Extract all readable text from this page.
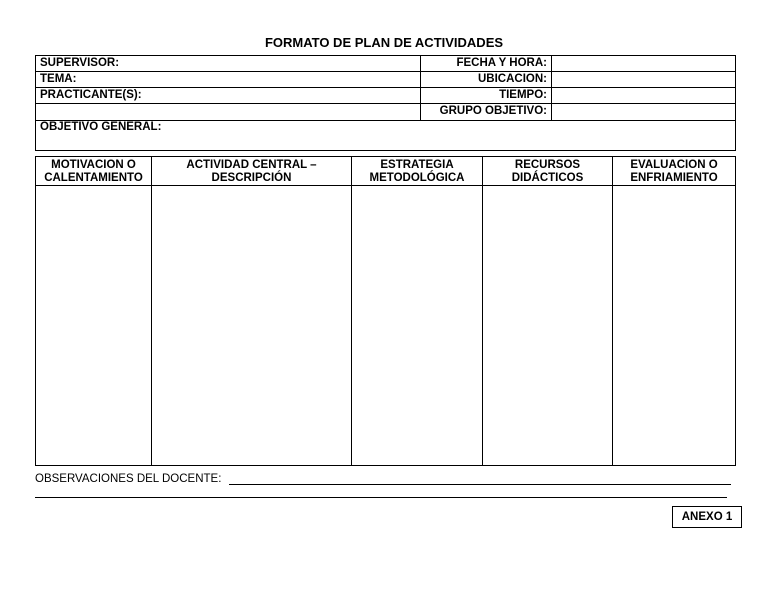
FORMATO DE PLAN DE ACTIVIDADES
SUPERVISOR:
TEMA:
PRACTICANTE(S):
FECHA Y HORA:
UBICACION:
TIEMPO:
GRUPO OBJETIVO:
OBJETIVO GENERAL:
MOTIVACION O
CALENTAMIENTO
ACTIVIDAD CENTRAL –
DESCRIPCIÓN
ESTRATEGIA
METODOLÓGICA
RECURSOS
DIDÁCTICOS
EVALUACION O
ENFRIAMIENTO
OBSERVACIONES DEL DOCENTE:
ANEXO 1
